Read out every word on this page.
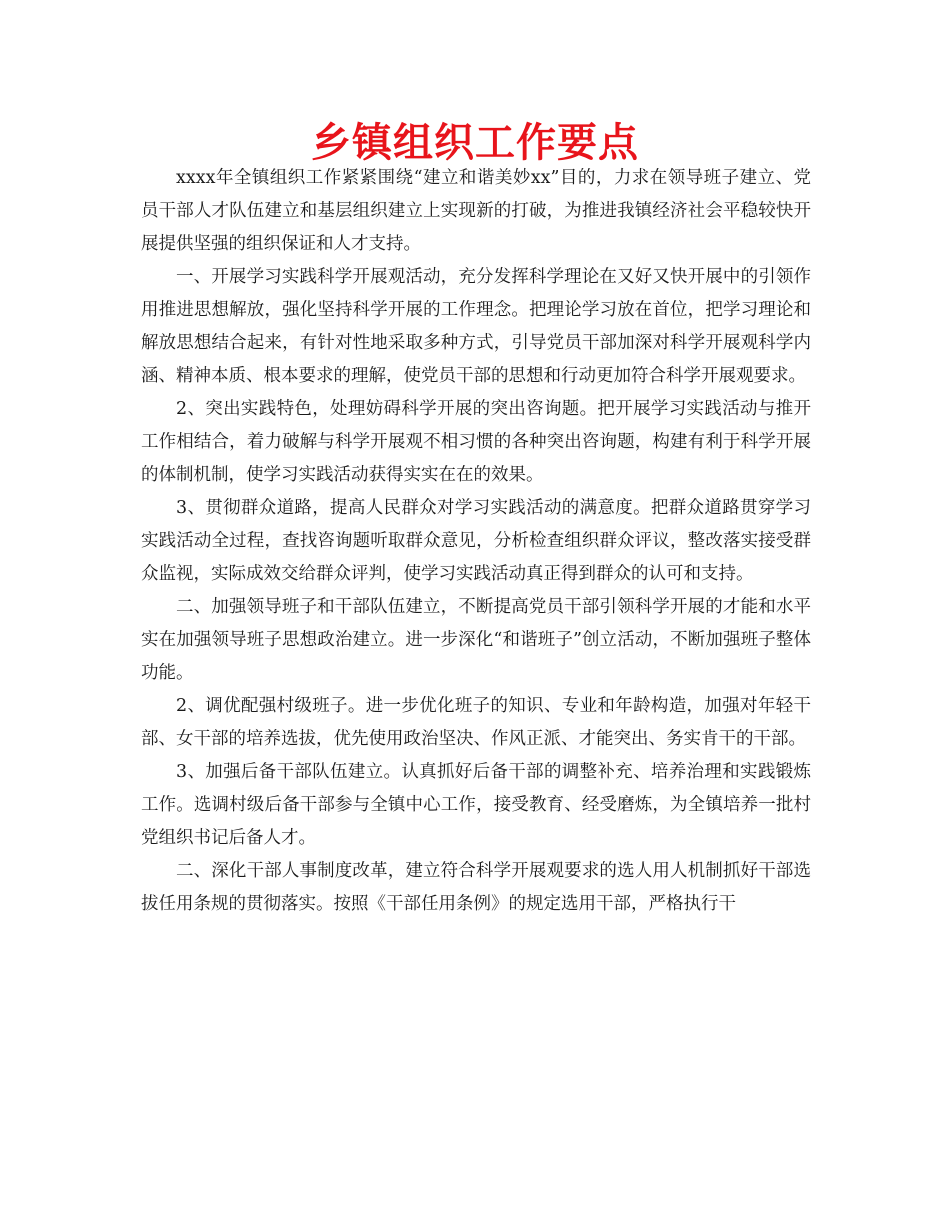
乡镇组织工作要点

xxxx年全镇组织工作紧紧围绕“建立和谐美妙xx”目的，力求在领导班子建立、党员干部人才队伍建立和基层组织建立上实现新的打破，为推进我镇经济社会平稳较快开展提供坚强的组织保证和人才支持。

一、开展学习实践科学开展观活动，充分发挥科学理论在又好又快开展中的引领作用推进思想解放，强化坚持科学开展的工作理念。把理论学习放在首位，把学习理论和解放思想结合起来，有针对性地采取多种方式，引导党员干部加深对科学开展观科学内涵、精神本质、根本要求的理解，使党员干部的思想和行动更加符合科学开展观要求。

2、突出实践特色，处理妨碍科学开展的突出咨询题。把开展学习实践活动与推开工作相结合，着力破解与科学开展观不相习惯的各种突出咨询题，构建有利于科学开展的体制机制，使学习实践活动获得实实在在的效果。

3、贯彻群众道路，提高人民群众对学习实践活动的满意度。把群众道路贯穿学习实践活动全过程，查找咨询题听取群众意见，分析检查组织群众评议，整改落实接受群众监视，实际成效交给群众评判，使学习实践活动真正得到群众的认可和支持。

二、加强领导班子和干部队伍建立，不断提高党员干部引领科学开展的才能和水平实在加强领导班子思想政治建立。进一步深化“和谐班子”创立活动，不断加强班子整体功能。

2、调优配强村级班子。进一步优化班子的知识、专业和年龄构造，加强对年轻干部、女干部的培养选拔，优先使用政治坚决、作风正派、才能突出、务实肯干的干部。

3、加强后备干部队伍建立。认真抓好后备干部的调整补充、培养治理和实践锻炼工作。选调村级后备干部参与全镇中心工作，接受教育、经受磨炼，为全镇培养一批村党组织书记后备人才。

二、深化干部人事制度改革，建立符合科学开展观要求的选人用人机制抓好干部选拔任用条规的贯彻落实。按照《干部任用条例》的规定选用干部，严格执行干
